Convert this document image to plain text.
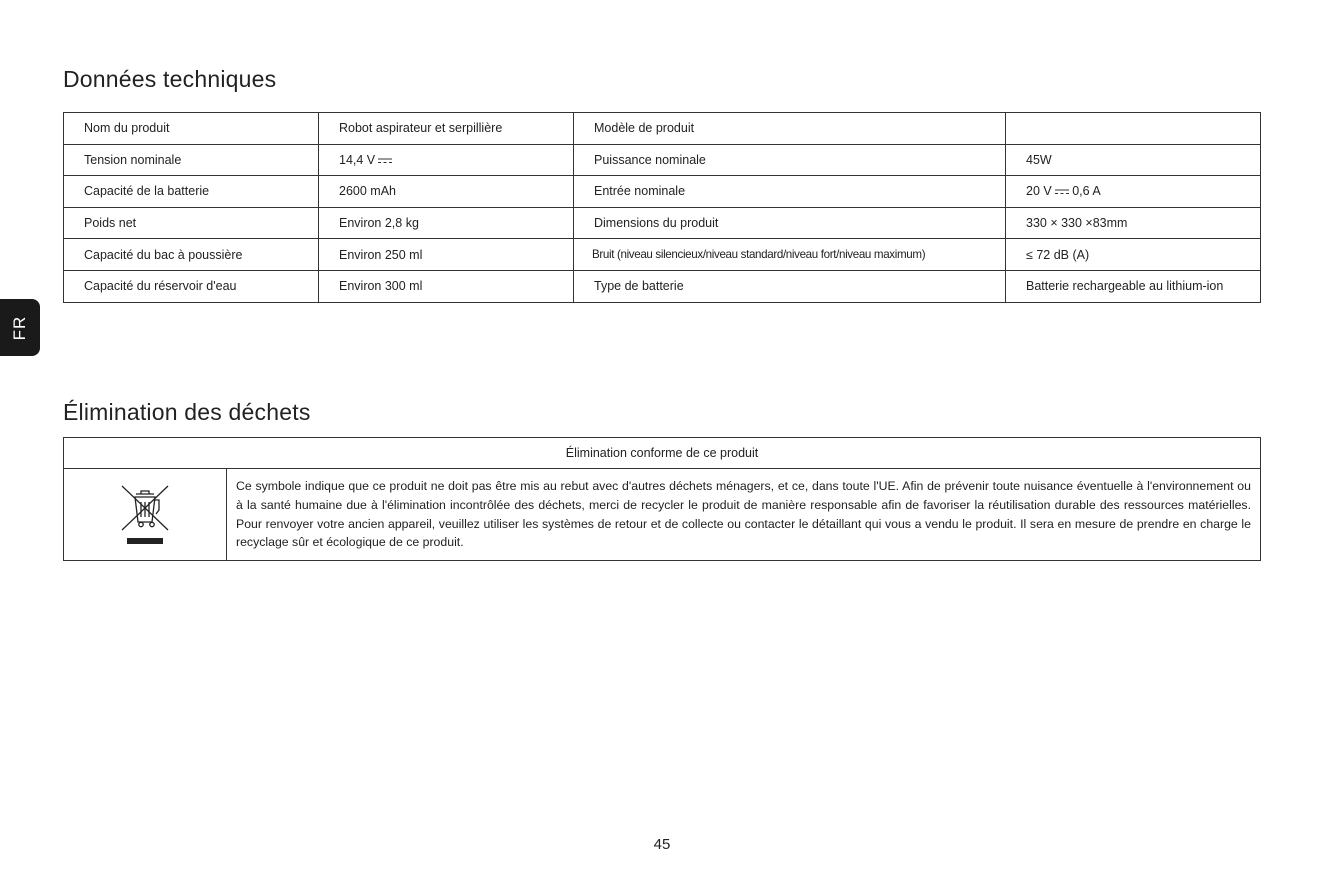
FR
Données techniques
Nom du produit	Robot aspirateur et serpillière	Modèle de produit	
Tension nominale	14,4 V	Puissance nominale	45W
Capacité de la batterie	2600 mAh	Entrée nominale	20 V 0,6 A
Poids net	Environ 2,8 kg	Dimensions du produit	330 × 330 ×83mm
Capacité du bac à poussière	Environ 250 ml	Bruit (niveau silencieux/niveau standard/niveau fort/niveau maximum)	≤ 72 dB (A)
Capacité du réservoir d'eau	Environ 300 ml	Type de batterie	Batterie rechargeable au lithium-ion
Élimination des déchets
Élimination conforme de ce produit
	Ce symbole indique que ce produit ne doit pas être mis au rebut avec d'autres déchets ménagers, et ce, dans toute l'UE. Afin de prévenir toute nuisance éventuelle à l'environnement ou à la santé humaine due à l'élimination incontrôlée des déchets, merci de recycler le produit de manière responsable afin de favoriser la réutilisation durable des ressources matérielles. Pour renvoyer votre ancien appareil, veuillez utiliser les systèmes de retour et de collecte ou contacter le détaillant qui vous a vendu le produit. Il sera en mesure de prendre en charge le recyclage sûr et écologique de ce produit.
45
